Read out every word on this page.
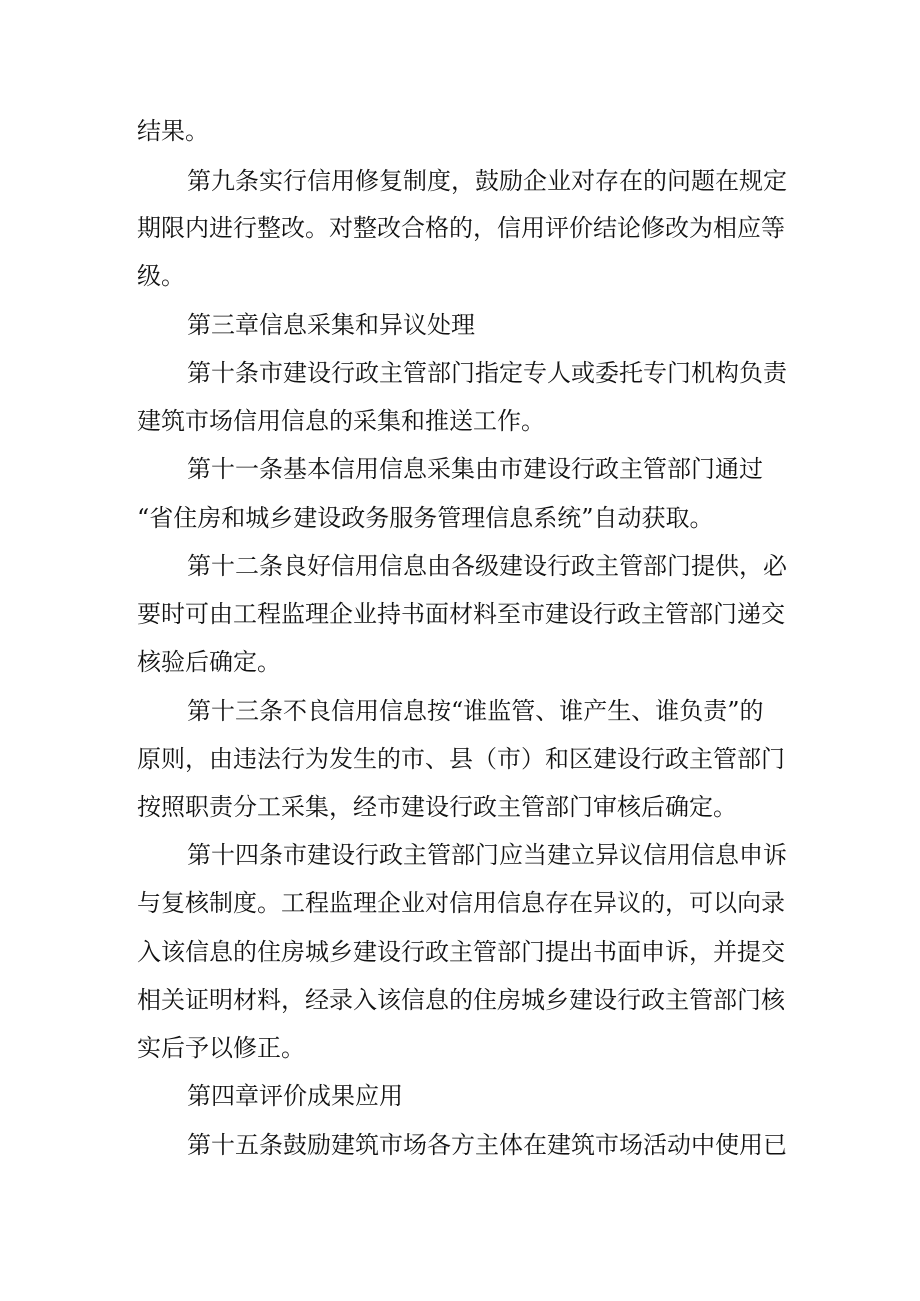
结果。

第九条实行信用修复制度，鼓励企业对存在的问题在规定

期限内进行整改。对整改合格的，信用评价结论修改为相应等

级。

第三章信息采集和异议处理

第十条市建设行政主管部门指定专人或委托专门机构负责

建筑市场信用信息的采集和推送工作。

第十一条基本信用信息采集由市建设行政主管部门通过

“省住房和城乡建设政务服务管理信息系统”自动获取。

第十二条良好信用信息由各级建设行政主管部门提供，必

要时可由工程监理企业持书面材料至市建设行政主管部门递交

核验后确定。

第十三条不良信用信息按“谁监管、谁产生、谁负责”的

原则，由违法行为发生的市、县（市）和区建设行政主管部门

按照职责分工采集，经市建设行政主管部门审核后确定。

第十四条市建设行政主管部门应当建立异议信用信息申诉

与复核制度。工程监理企业对信用信息存在异议的，可以向录

入该信息的住房城乡建设行政主管部门提出书面申诉，并提交

相关证明材料，经录入该信息的住房城乡建设行政主管部门核

实后予以修正。

第四章评价成果应用

第十五条鼓励建筑市场各方主体在建筑市场活动中使用已
